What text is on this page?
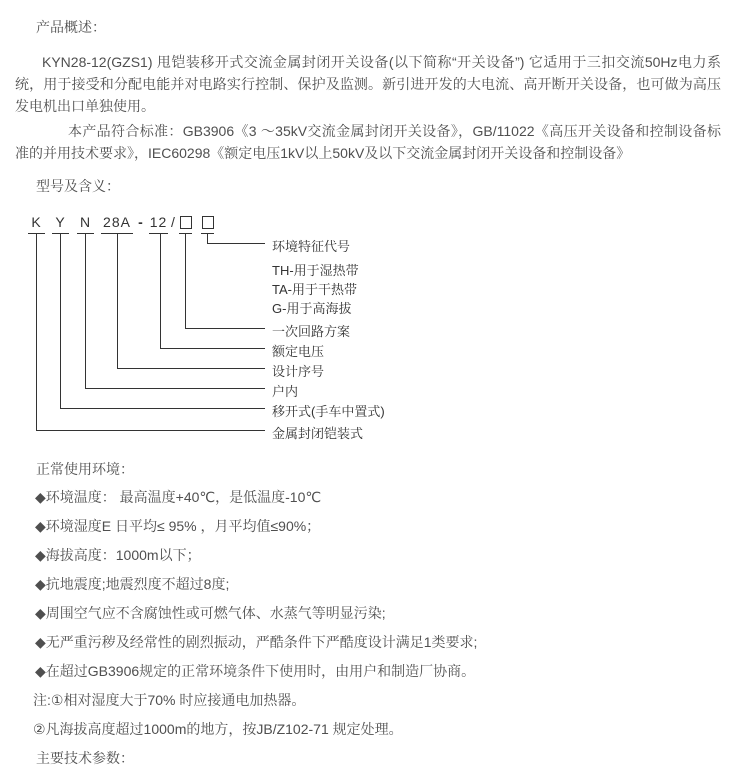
产品概述：
KYN28-12(GZS1) 甩铠装移开式交流金属封闭开关设备(以下简称“开关设备”) 它适用于三扣交流50Hz电力系统，用于接受和分配电能并对电路实行控制、保护及监测。新引进开发的大电流、高开断开关设备，也可做为高压发电机出口单独使用。
本产品符合标准：GB3906《3 ～35kV交流金属封闭开关设备》，GB/11022《高压开关设备和控制设备标准的并用技术要求》，IEC60298《额定电压1kV以上50kV及以下交流金属封闭开关设备和控制设备》
型号及含义：
K Y N 28A - 12 /
环境特征代号
TH-用于湿热带
TA-用于干热带
G-用于高海拔
一次回路方案
额定电压
设计序号
户内
移开式(手车中置式)
金属封闭铠装式
正常使用环境：
◆环境温度： 最高温度+40℃，是低温度-10℃
◆环境湿度E 日平均≤ 95% ，月平均值≤90%；
◆海拔高度：1000m以下；
◆抗地震度;地震烈度不超过8度;
◆周围空气应不含腐蚀性或可燃气体、水蒸气等明显污染;
◆无严重污秽及经常性的剧烈振动，严酷条件下严酷度设计满足1类要求;
◆在超过GB3906规定的正常环境条件下使用时，由用户和制造厂协商。
注:①相对湿度大于70% 时应接通电加热器。
②凡海拔高度超过1000m的地方，按JB/Z102-71 规定处理。
主要技术参数：
